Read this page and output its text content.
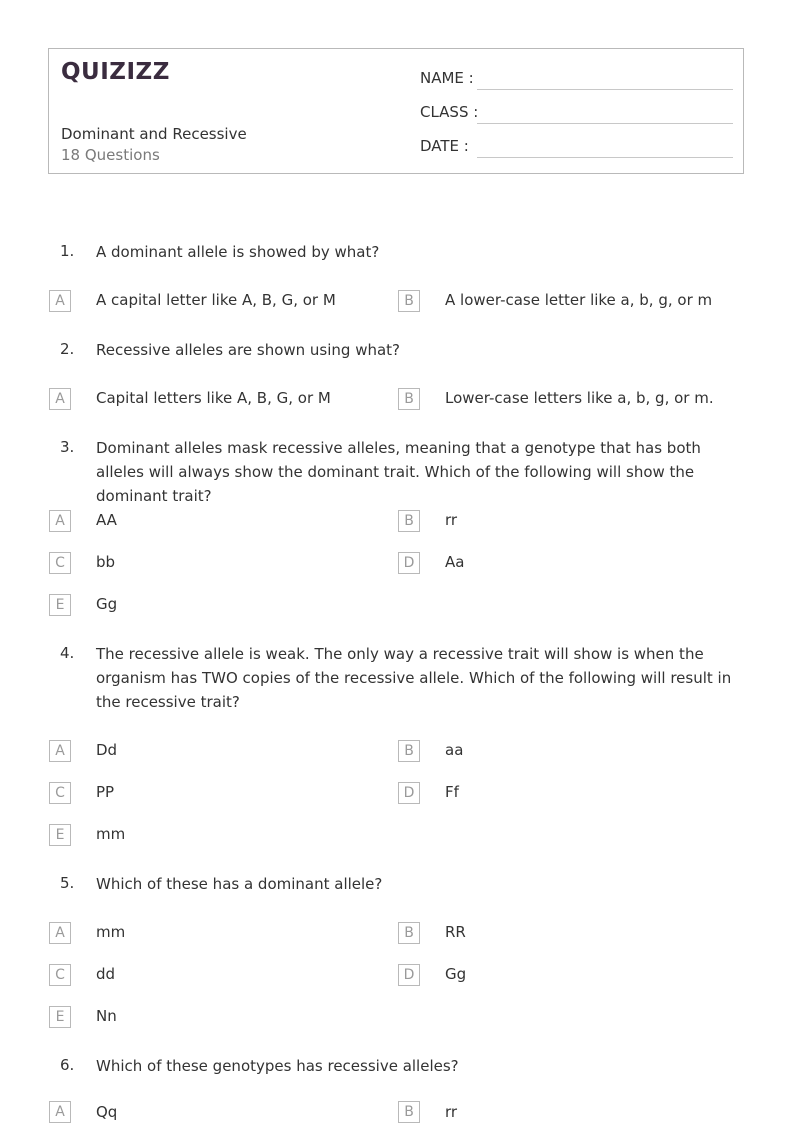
QUIZIZZ
Dominant and Recessive
18 Questions
NAME :
CLASS :
DATE :
1. A dominant allele is showed by what?
A	A capital letter like A, B, G, or M	B	A lower-case letter like a, b, g, or m
2. Recessive alleles are shown using what?
A	Capital letters like A, B, G, or M	B	Lower-case letters like a, b, g, or m.
3. Dominant alleles mask recessive alleles, meaning that a genotype that has both alleles will always show the dominant trait. Which of the following will show the dominant trait?
A	AA	B	rr
C	bb	D	Aa
E	Gg
4. The recessive allele is weak. The only way a recessive trait will show is when the organism has TWO copies of the recessive allele. Which of the following will result in the recessive trait?
A	Dd	B	aa
C	PP	D	Ff
E	mm
5. Which of these has a dominant allele?
A	mm	B	RR
C	dd	D	Gg
E	Nn
6. Which of these genotypes has recessive alleles?
A	Qq	B	rr
